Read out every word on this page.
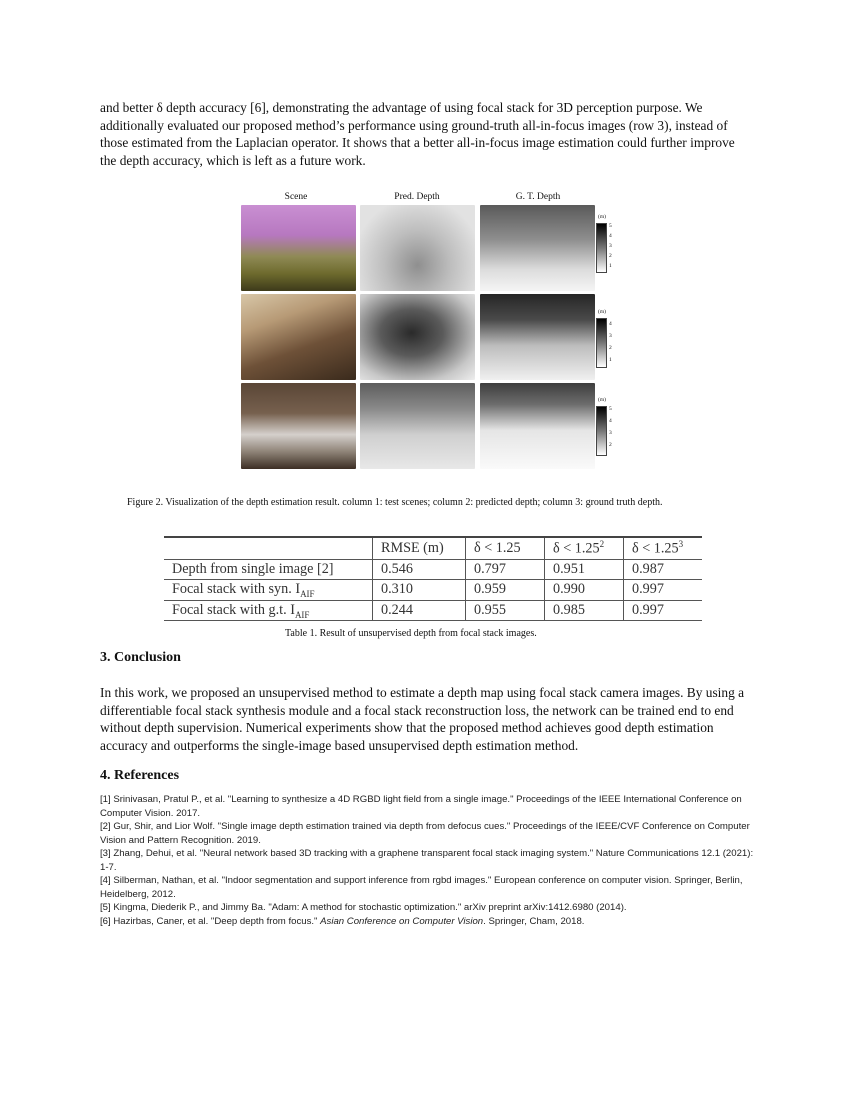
and better δ depth accuracy [6], demonstrating the advantage of using focal stack for 3D perception purpose. We additionally evaluated our proposed method’s performance using ground-truth all-in-focus images (row 3), instead of those estimated from the Laplacian operator. It shows that a better all-in-focus image estimation could further improve the depth accuracy, which is left as a future work.
Scene	Pred. Depth	G. T. Depth
(m)
5
4
3
2
1
(m)
4
3
2
1
(m)
5
4
3
2
Figure 2. Visualization of the depth estimation result. column 1: test scenes; column 2: predicted depth; column 3: ground truth depth.
	RMSE (m)	δ < 1.25	$\delta < 1.25^2$	$\delta < 1.25^3$
Depth from single image [2]	0.546	0.797	0.951	0.987
Focal stack with syn. $I_{AIF}$	0.310	0.959	0.990	0.997
Focal stack with g.t. $I_{AIF}$	0.244	0.955	0.985	0.997
Table 1. Result of unsupervised depth from focal stack images.
3. Conclusion
In this work, we proposed an unsupervised method to estimate a depth map using focal stack camera images. By using a differentiable focal stack synthesis module and a focal stack reconstruction loss, the network can be trained end to end without depth supervision. Numerical experiments show that the proposed method achieves good depth estimation accuracy and outperforms the single-image based unsupervised depth estimation method.
4. References
[1] Srinivasan, Pratul P., et al. "Learning to synthesize a 4D RGBD light field from a single image." Proceedings of the IEEE International Conference on Computer Vision. 2017.
[2] Gur, Shir, and Lior Wolf. "Single image depth estimation trained via depth from defocus cues." Proceedings of the IEEE/CVF Conference on Computer Vision and Pattern Recognition. 2019.
[3] Zhang, Dehui, et al. "Neural network based 3D tracking with a graphene transparent focal stack imaging system." Nature Communications 12.1 (2021): 1-7.
[4] Silberman, Nathan, et al. "Indoor segmentation and support inference from rgbd images." European conference on computer vision. Springer, Berlin, Heidelberg, 2012.
[5] Kingma, Diederik P., and Jimmy Ba. "Adam: A method for stochastic optimization." arXiv preprint arXiv:1412.6980 (2014).
[6] Hazirbas, Caner, et al. "Deep depth from focus." Asian Conference on Computer Vision. Springer, Cham, 2018.
